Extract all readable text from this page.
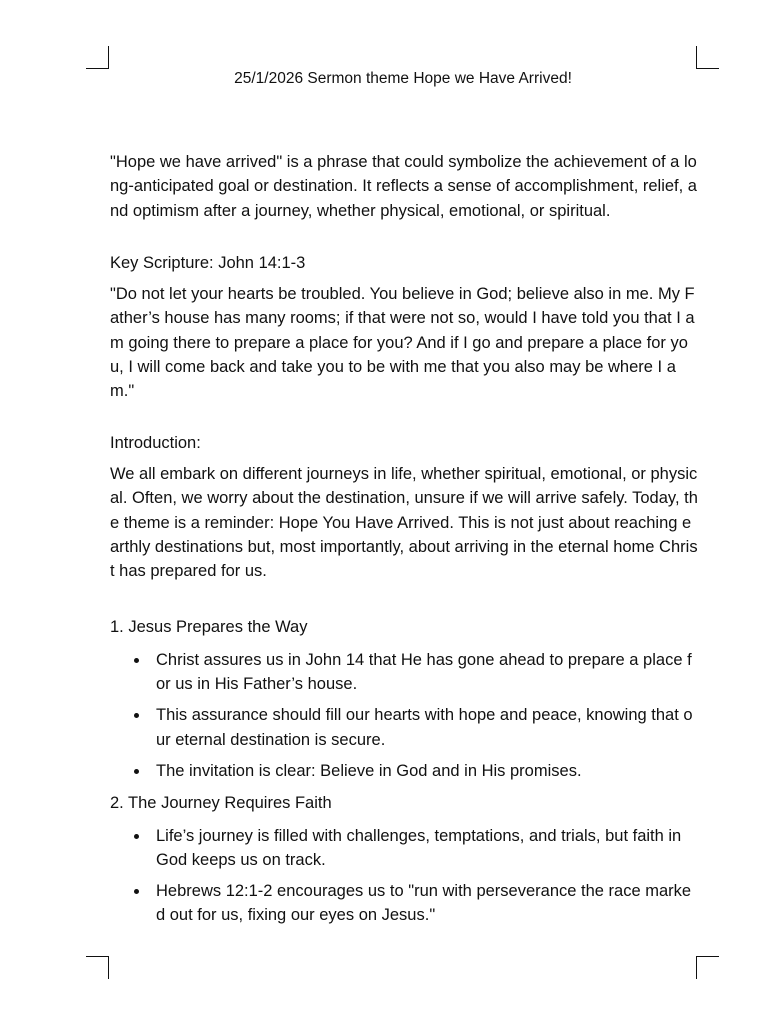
25/1/2026 Sermon theme Hope we Have Arrived!

"Hope we have arrived" is a phrase that could symbolize the achievement of a long-anticipated goal or destination. It reflects a sense of accomplishment, relief, and optimism after a journey, whether physical, emotional, or spiritual.

Key Scripture: John 14:1-3

"Do not let your hearts be troubled. You believe in God; believe also in me. My Father’s house has many rooms; if that were not so, would I have told you that I am going there to prepare a place for you? And if I go and prepare a place for you, I will come back and take you to be with me that you also may be where I am."

Introduction:

We all embark on different journeys in life, whether spiritual, emotional, or physical. Often, we worry about the destination, unsure if we will arrive safely. Today, the theme is a reminder: Hope You Have Arrived. This is not just about reaching earthly destinations but, most importantly, about arriving in the eternal home Christ has prepared for us.

1. Jesus Prepares the Way

Christ assures us in John 14 that He has gone ahead to prepare a place for us in His Father’s house.
This assurance should fill our hearts with hope and peace, knowing that our eternal destination is secure.
The invitation is clear: Believe in God and in His promises.

2. The Journey Requires Faith

Life’s journey is filled with challenges, temptations, and trials, but faith in God keeps us on track.
Hebrews 12:1-2 encourages us to "run with perseverance the race marked out for us, fixing our eyes on Jesus."
